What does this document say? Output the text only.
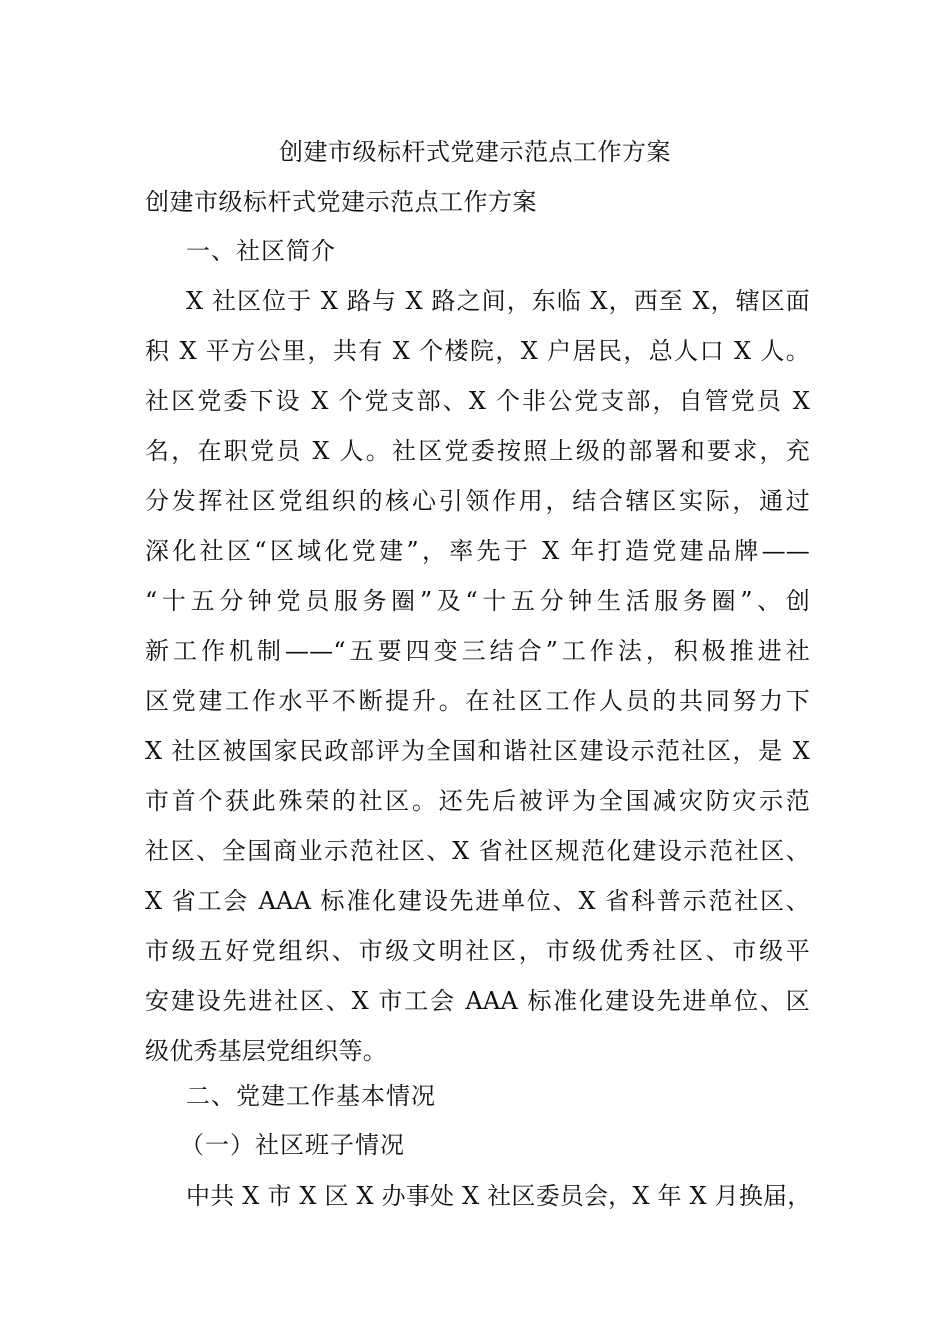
创建市级标杆式党建示范点工作方案
创建市级标杆式党建示范点工作方案
一、社区简介
X 社区位于 X 路与 X 路之间，东临 X，西至 X，辖区面
积 X 平方公里，共有 X 个楼院，X 户居民，总人口 X 人。
社区党委下设 X 个党支部、X 个非公党支部，自管党员 X
名，在职党员 X 人。社区党委按照上级的部署和要求，充
分发挥社区党组织的核心引领作用，结合辖区实际，通过
深化社区“区域化党建”，率先于 X 年打造党建品牌——
“十五分钟党员服务圈”及“十五分钟生活服务圈”、创
新工作机制——“五要四变三结合”工作法，积极推进社
区党建工作水平不断提升。在社区工作人员的共同努力下
X 社区被国家民政部评为全国和谐社区建设示范社区，是 X
市首个获此殊荣的社区。还先后被评为全国减灾防灾示范
社区、全国商业示范社区、X 省社区规范化建设示范社区、
X 省工会 AAA 标准化建设先进单位、X 省科普示范社区、
市级五好党组织、市级文明社区，市级优秀社区、市级平
安建设先进社区、X 市工会 AAA 标准化建设先进单位、区
级优秀基层党组织等。
二、党建工作基本情况
（一）社区班子情况
中共 X 市 X 区 X 办事处 X 社区委员会，X 年 X 月换届，
